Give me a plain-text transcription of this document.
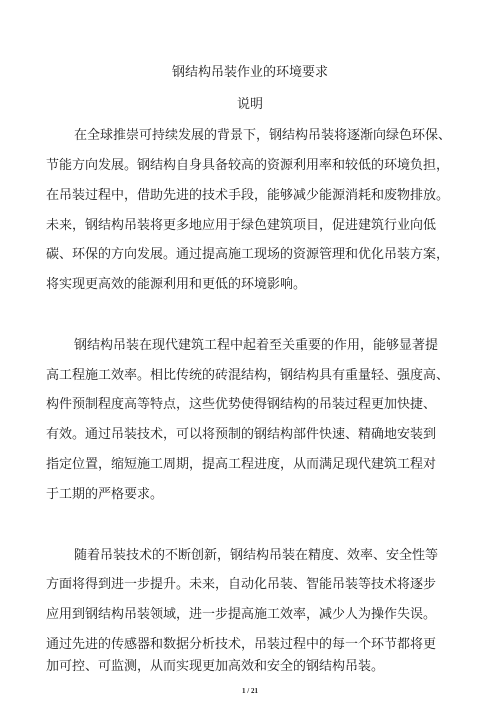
钢结构吊装作业的环境要求
说明
在全球推崇可持续发展的背景下，钢结构吊装将逐渐向绿色环保、
节能方向发展。钢结构自身具备较高的资源利用率和较低的环境负担，
在吊装过程中，借助先进的技术手段，能够减少能源消耗和废物排放。
未来，钢结构吊装将更多地应用于绿色建筑项目，促进建筑行业向低
碳、环保的方向发展。通过提高施工现场的资源管理和优化吊装方案，
将实现更高效的能源利用和更低的环境影响。
钢结构吊装在现代建筑工程中起着至关重要的作用，能够显著提
高工程施工效率。相比传统的砖混结构，钢结构具有重量轻、强度高、
构件预制程度高等特点，这些优势使得钢结构的吊装过程更加快捷、
有效。通过吊装技术，可以将预制的钢结构部件快速、精确地安装到
指定位置，缩短施工周期，提高工程进度，从而满足现代建筑工程对
于工期的严格要求。
随着吊装技术的不断创新，钢结构吊装在精度、效率、安全性等
方面将得到进一步提升。未来，自动化吊装、智能吊装等技术将逐步
应用到钢结构吊装领域，进一步提高施工效率，减少人为操作失误。
通过先进的传感器和数据分析技术，吊装过程中的每一个环节都将更
加可控、可监测，从而实现更加高效和安全的钢结构吊装。
1 / 21
